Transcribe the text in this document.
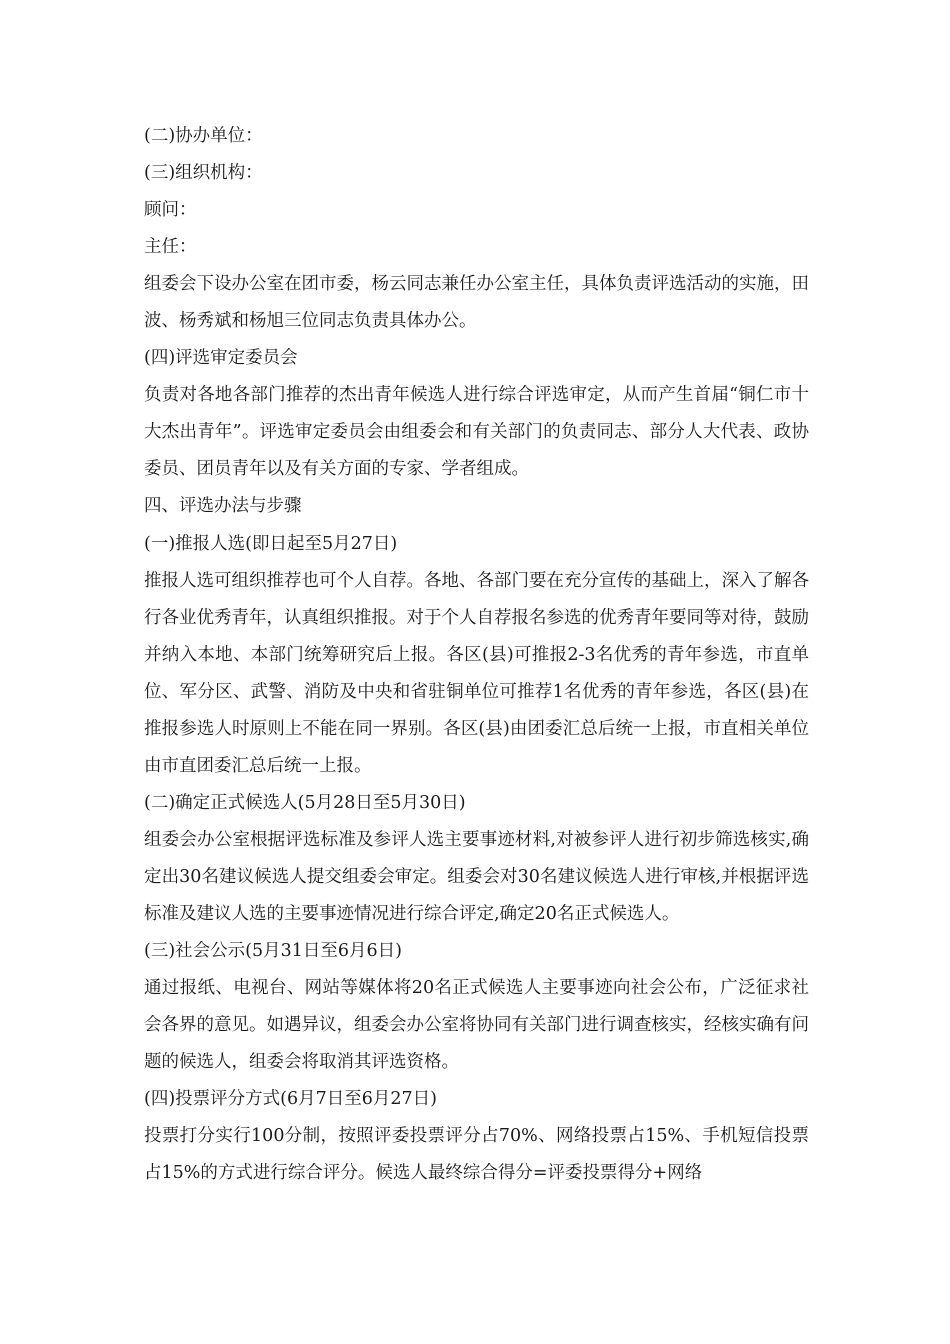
(二)协办单位：

(三)组织机构：

顾问：

主任：

组委会下设办公室在团市委，杨云同志兼任办公室主任，具体负责评选活动的实施，田波、杨秀斌和杨旭三位同志负责具体办公。

(四)评选审定委员会

负责对各地各部门推荐的杰出青年候选人进行综合评选审定，从而产生首届“铜仁市十大杰出青年”。评选审定委员会由组委会和有关部门的负责同志、部分人大代表、政协委员、团员青年以及有关方面的专家、学者组成。

四、评选办法与步骤

(一)推报人选(即日起至5月27日)

推报人选可组织推荐也可个人自荐。各地、各部门要在充分宣传的基础上，深入了解各行各业优秀青年，认真组织推报。对于个人自荐报名参选的优秀青年要同等对待，鼓励并纳入本地、本部门统筹研究后上报。各区(县)可推报2-3名优秀的青年参选，市直单位、军分区、武警、消防及中央和省驻铜单位可推荐1名优秀的青年参选，各区(县)在推报参选人时原则上不能在同一界别。各区(县)由团委汇总后统一上报，市直相关单位由市直团委汇总后统一上报。

(二)确定正式候选人(5月28日至5月30日)

组委会办公室根据评选标准及参评人选主要事迹材料,对被参评人进行初步筛选核实,确定出30名建议候选人提交组委会审定。组委会对30名建议候选人进行审核,并根据评选标准及建议人选的主要事迹情况进行综合评定,确定20名正式候选人。

(三)社会公示(5月31日至6月6日)

通过报纸、电视台、网站等媒体将20名正式候选人主要事迹向社会公布，广泛征求社会各界的意见。如遇异议，组委会办公室将协同有关部门进行调查核实，经核实确有问题的候选人，组委会将取消其评选资格。

(四)投票评分方式(6月7日至6月27日)

投票打分实行100分制，按照评委投票评分占70%、网络投票占15%、手机短信投票占15%的方式进行综合评分。候选人最终综合得分=评委投票得分+网络
